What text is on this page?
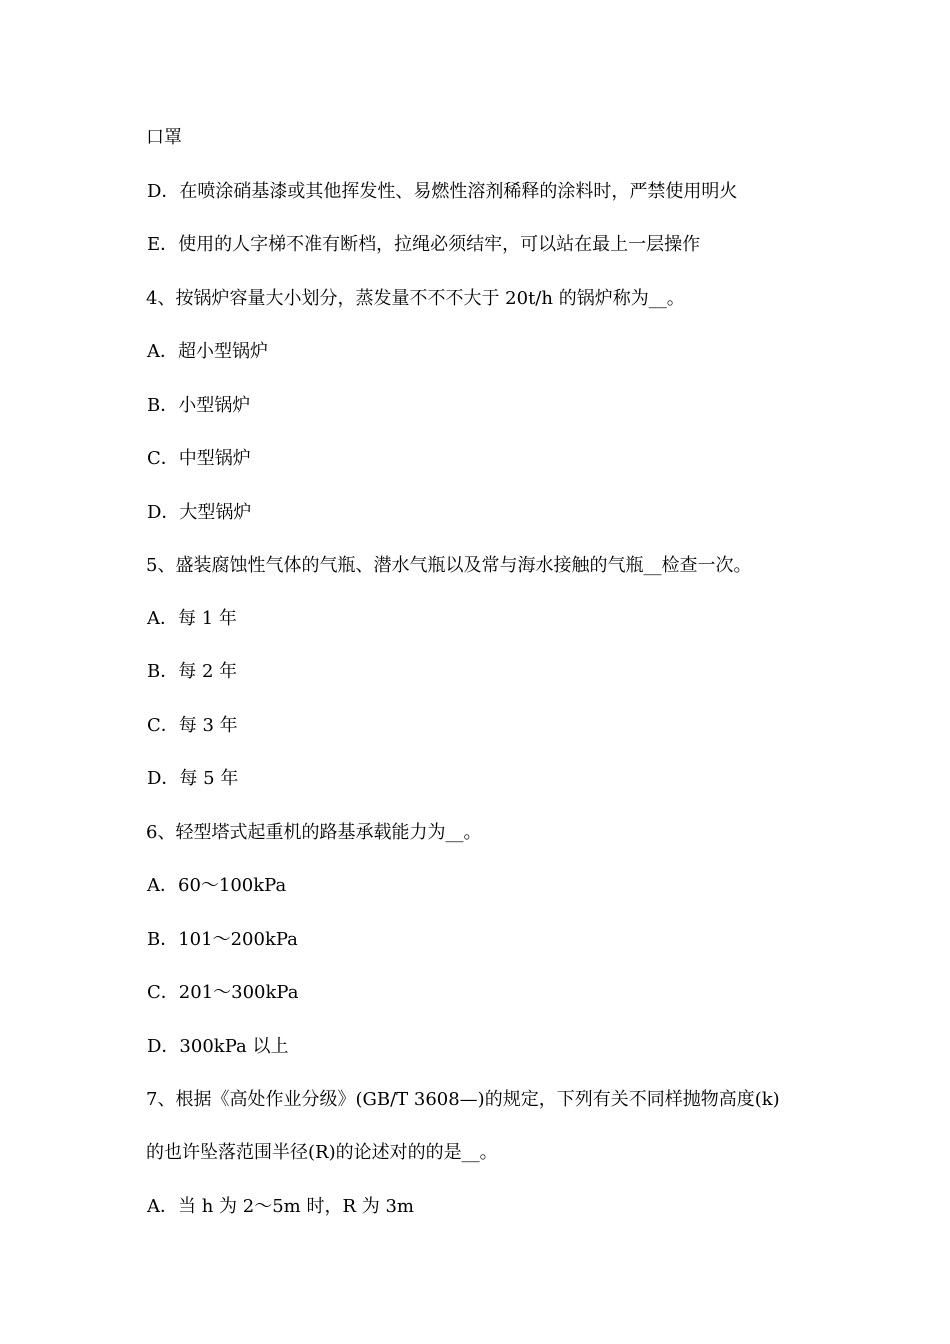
口罩
D．在喷涂硝基漆或其他挥发性、易燃性溶剂稀释的涂料时，严禁使用明火
E．使用的人字梯不准有断档，拉绳必须结牢，可以站在最上一层操作
4、按锅炉容量大小划分，蒸发量不不不大于 20t/h 的锅炉称为__。
A．超小型锅炉
B．小型锅炉
C．中型锅炉
D．大型锅炉
5、盛装腐蚀性气体的气瓶、潜水气瓶以及常与海水接触的气瓶__检查一次。
A．每 1 年
B．每 2 年
C．每 3 年
D．每 5 年
6、轻型塔式起重机的路基承载能力为__。
A．60～100kPa
B．101～200kPa
C．201～300kPa
D．300kPa 以上
7、根据《高处作业分级》(GB/T 3608—)的规定，下列有关不同样抛物高度(k)
的也许坠落范围半径(R)的论述对的的是__。
A．当 h 为 2～5m 时，R 为 3m
